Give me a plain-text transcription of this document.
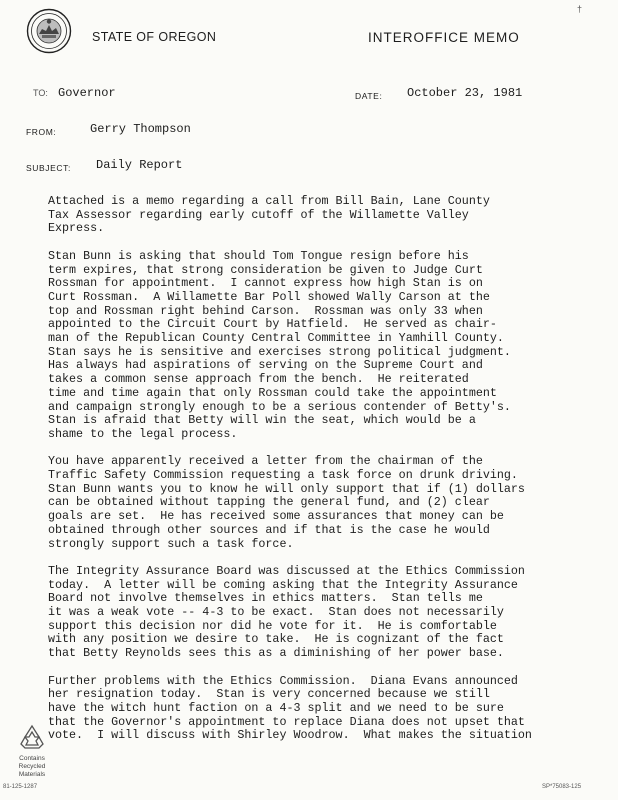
STATE OF OREGON	INTEROFFICE MEMO
†
TO: Governor	DATE: October 23, 1981
FROM:	Gerry Thompson
SUBJECT: Daily Report

Attached is a memo regarding a call from Bill Bain, Lane County
Tax Assessor regarding early cutoff of the Willamette Valley
Express.

Stan Bunn is asking that should Tom Tongue resign before his
term expires, that strong consideration be given to Judge Curt
Rossman for appointment.  I cannot express how high Stan is on
Curt Rossman.  A Willamette Bar Poll showed Wally Carson at the
top and Rossman right behind Carson.  Rossman was only 33 when
appointed to the Circuit Court by Hatfield.  He served as chair-
man of the Republican County Central Committee in Yamhill County.
Stan says he is sensitive and exercises strong political judgment.
Has always had aspirations of serving on the Supreme Court and
takes a common sense approach from the bench.  He reiterated
time and time again that only Rossman could take the appointment
and campaign strongly enough to be a serious contender of Betty's.
Stan is afraid that Betty will win the seat, which would be a
shame to the legal process.

You have apparently received a letter from the chairman of the
Traffic Safety Commission requesting a task force on drunk driving.
Stan Bunn wants you to know he will only support that if (1) dollars
can be obtained without tapping the general fund, and (2) clear
goals are set.  He has received some assurances that money can be
obtained through other sources and if that is the case he would
strongly support such a task force.

The Integrity Assurance Board was discussed at the Ethics Commission
today.  A letter will be coming asking that the Integrity Assurance
Board not involve themselves in ethics matters.  Stan tells me
it was a weak vote -- 4-3 to be exact.  Stan does not necessarily
support this decision nor did he vote for it.  He is comfortable
with any position we desire to take.  He is cognizant of the fact
that Betty Reynolds sees this as a diminishing of her power base.

Further problems with the Ethics Commission.  Diana Evans announced
her resignation today.  Stan is very concerned because we still
have the witch hunt faction on a 4-3 split and we need to be sure
that the Governor's appointment to replace Diana does not upset that
vote.  I will discuss with Shirley Woodrow.  What makes the situation

Contains Recycled Materials
81-125-1287	SP*75083-125
